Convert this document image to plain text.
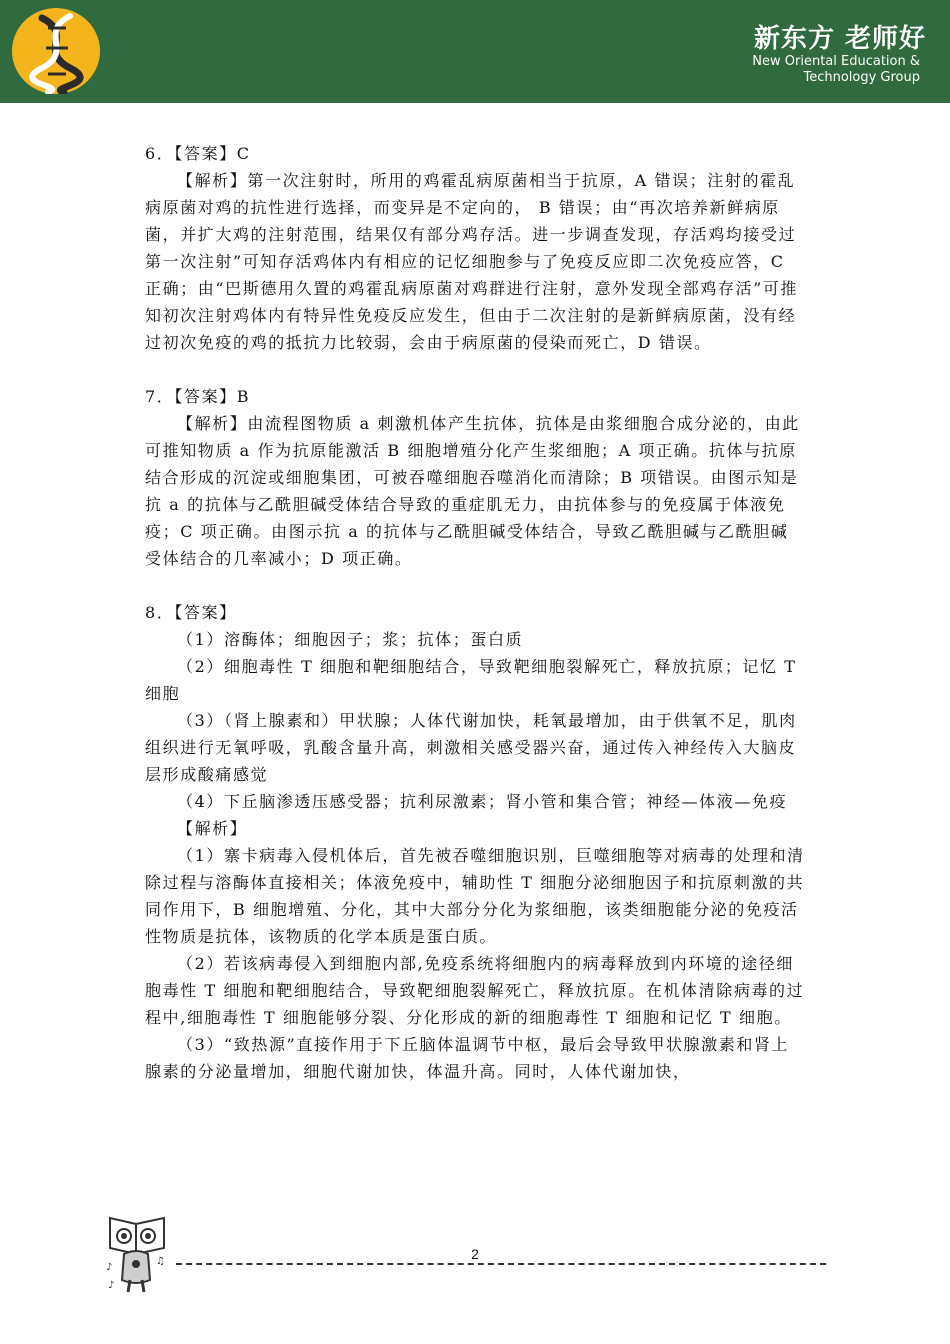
新东方 老师好
New Oriental Education &
Technology Group

6．【答案】C

【解析】第一次注射时，所用的鸡霍乱病原菌相当于抗原，A 错误；注射的霍乱病原菌对鸡的抗性进行选择，而变异是不定向的， B 错误；由“再次培养新鲜病原菌，并扩大鸡的注射范围，结果仅有部分鸡存活。进一步调查发现，存活鸡均接受过第一次注射”可知存活鸡体内有相应的记忆细胞参与了免疫反应即二次免疫应答，C 正确；由“巴斯德用久置的鸡霍乱病原菌对鸡群进行注射，意外发现全部鸡存活”可推知初次注射鸡体内有特异性免疫反应发生，但由于二次注射的是新鲜病原菌，没有经过初次免疫的鸡的抵抗力比较弱，会由于病原菌的侵染而死亡，D 错误。

7．【答案】B

【解析】由流程图物质 a 刺激机体产生抗体，抗体是由浆细胞合成分泌的，由此可推知物质 a 作为抗原能激活 B 细胞增殖分化产生浆细胞；A 项正确。抗体与抗原结合形成的沉淀或细胞集团，可被吞噬细胞吞噬消化而清除；B 项错误。由图示知是抗 a 的抗体与乙酰胆碱受体结合导致的重症肌无力，由抗体参与的免疫属于体液免疫；C 项正确。由图示抗 a 的抗体与乙酰胆碱受体结合，导致乙酰胆碱与乙酰胆碱受体结合的几率减小；D 项正确。

8．【答案】

（1）溶酶体；细胞因子；浆；抗体；蛋白质

（2）细胞毒性 T 细胞和靶细胞结合，导致靶细胞裂解死亡，释放抗原；记忆 T 细胞

（3）（肾上腺素和）甲状腺；人体代谢加快，耗氧最增加，由于供氧不足，肌肉组织进行无氧呼吸，乳酸含量升高，刺激相关感受器兴奋，通过传入神经传入大脑皮层形成酸痛感觉

（4）下丘脑渗透压感受器；抗利尿激素；肾小管和集合管；神经—体液—免疫

【解析】

（1）寨卡病毒入侵机体后，首先被吞噬细胞识别，巨噬细胞等对病毒的处理和清除过程与溶酶体直接相关；体液免疫中，辅助性 T 细胞分泌细胞因子和抗原刺激的共同作用下，B 细胞增殖、分化，其中大部分分化为浆细胞，该类细胞能分泌的免疫活性物质是抗体，该物质的化学本质是蛋白质。

（2）若该病毒侵入到细胞内部,免疫系统将细胞内的病毒释放到内环境的途径细胞毒性 T 细胞和靶细胞结合，导致靶细胞裂解死亡，释放抗原。在机体清除病毒的过程中,细胞毒性 T 细胞能够分裂、分化形成的新的细胞毒性 T 细胞和记忆 T 细胞。

（3）“致热源”直接作用于下丘脑体温调节中枢，最后会导致甲状腺激素和肾上腺素的分泌量增加，细胞代谢加快，体温升高。同时，人体代谢加快，

♪
♫
♪
2
